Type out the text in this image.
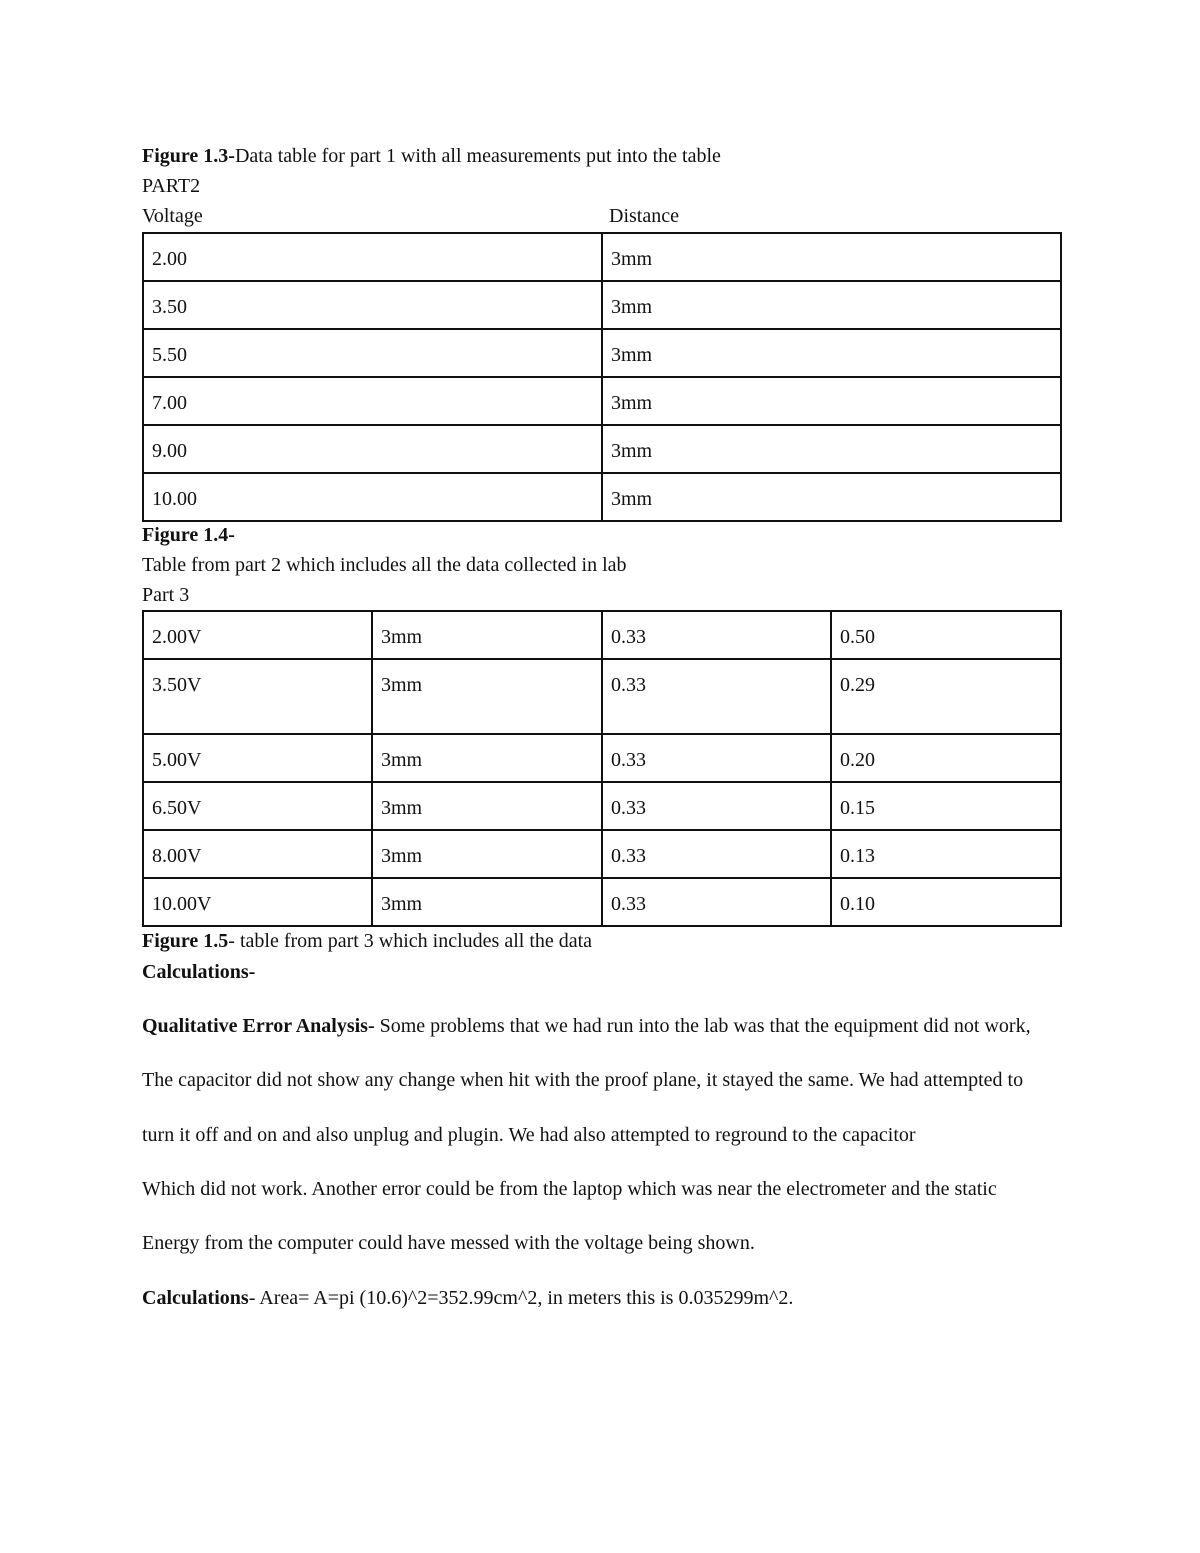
Figure 1.3-Data table for part 1 with all measurements put into the table

PART2

Voltage	Distance

2.00	3mm
3.50	3mm
5.50	3mm
7.00	3mm
9.00	3mm
10.00	3mm

Figure 1.4-

Table from part 2 which includes all the data collected in lab

Part 3

2.00V	3mm	0.33	0.50
3.50V	3mm	0.33	0.29
5.00V	3mm	0.33	0.20
6.50V	3mm	0.33	0.15
8.00V	3mm	0.33	0.13
10.00V	3mm	0.33	0.10

Figure 1.5- table from part 3 which includes all the data

Calculations-

Qualitative Error Analysis- Some problems that we had run into the lab was that the equipment did not work,

The capacitor did not show any change when hit with the proof plane, it stayed the same. We had attempted to

turn it off and on and also unplug and plugin. We had also attempted to reground to the capacitor

Which did not work. Another error could be from the laptop which was near the electrometer and the static

Energy from the computer could have messed with the voltage being shown.

Calculations- Area= A=pi (10.6)^2=352.99cm^2, in meters this is 0.035299m^2.
